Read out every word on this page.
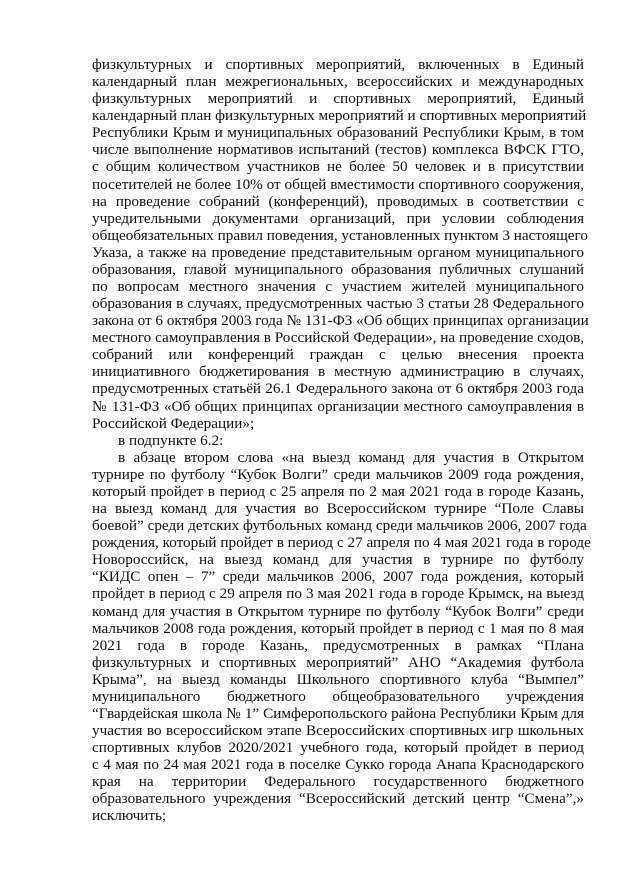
физкультурных и спортивных мероприятий, включенных в Единый
календарный план межрегиональных, всероссийских и международных
физкультурных мероприятий и спортивных мероприятий, Единый
календарный план физкультурных мероприятий и спортивных мероприятий
Республики Крым и муниципальных образований Республики Крым, в том
числе выполнение нормативов испытаний (тестов) комплекса ВФСК ГТО,
с общим количеством участников не более 50 человек и в присутствии
посетителей не более 10% от общей вместимости спортивного сооружения,
на проведение собраний (конференций), проводимых в соответствии с
учредительными документами организаций, при условии соблюдения
общеобязательных правил поведения, установленных пунктом 3 настоящего
Указа, а также на проведение представительным органом муниципального
образования, главой муниципального образования публичных слушаний
по вопросам местного значения с участием жителей муниципального
образования в случаях, предусмотренных частью 3 статьи 28 Федерального
закона от 6 октября 2003 года № 131-ФЗ «Об общих принципах организации
местного самоуправления в Российской Федерации», на проведение сходов,
собраний или конференций граждан с целью внесения проекта
инициативного бюджетирования в местную администрацию в случаях,
предусмотренных статьёй 26.1 Федерального закона от 6 октября 2003 года
№ 131-ФЗ «Об общих принципах организации местного самоуправления в
Российской Федерации»;
в подпункте 6.2:
в абзаце втором слова «на выезд команд для участия в Открытом
турнире по футболу “Кубок Волги” среди мальчиков 2009 года рождения,
который пройдет в период с 25 апреля по 2 мая 2021 года в городе Казань,
на выезд команд для участия во Всероссийском турнире “Поле Славы
боевой” среди детских футбольных команд среди мальчиков 2006, 2007 года
рождения, который пройдет в период с 27 апреля по 4 мая 2021 года в городе
Новороссийск, на выезд команд для участия в турнире по футболу
“КИДС опен – 7” среди мальчиков 2006, 2007 года рождения, который
пройдет в период с 29 апреля по 3 мая 2021 года в городе Крымск, на выезд
команд для участия в Открытом турнире по футболу “Кубок Волги” среди
мальчиков 2008 года рождения, который пройдет в период с 1 мая по 8 мая
2021 года в городе Казань, предусмотренных в рамках “Плана
физкультурных и спортивных мероприятий” АНО “Академия футбола
Крыма”, на выезд команды Школьного спортивного клуба “Вымпел”
муниципального бюджетного общеобразовательного учреждения
“Гвардейская школа № 1” Симферопольского района Республики Крым для
участия во всероссийском этапе Всероссийских спортивных игр школьных
спортивных клубов 2020/2021 учебного года, который пройдет в период
с 4 мая по 24 мая 2021 года в поселке Сукко города Анапа Краснодарского
края на территории Федерального государственного бюджетного
образовательного учреждения “Всероссийский детский центр “Смена”,»
исключить;
